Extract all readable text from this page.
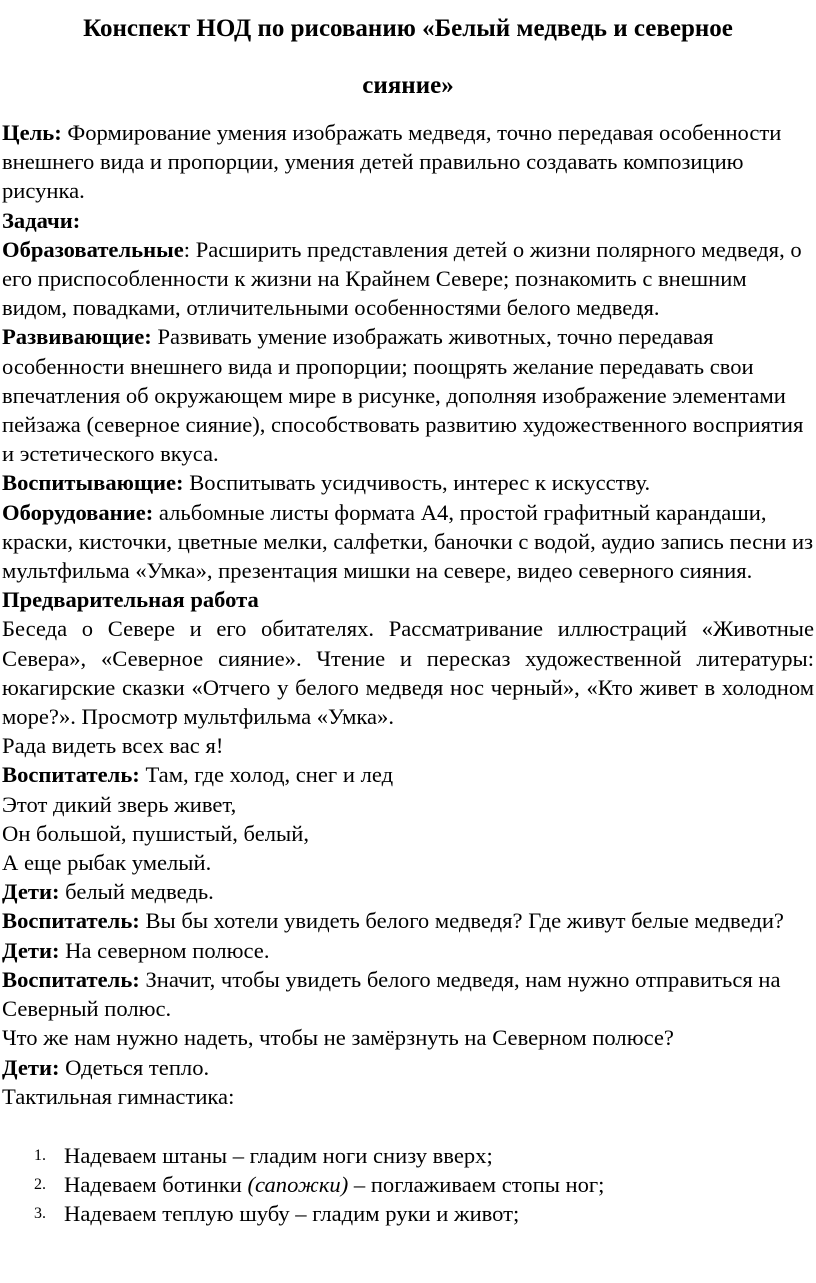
Конспект НОД по рисованию «Белый медведь и северное
сияние»

Цель: Формирование умения изображать медведя, точно передавая особенности внешнего вида и пропорции, умения детей правильно создавать композицию рисунка.

Задачи:

Образовательные: Расширить представления детей о жизни полярного медведя, о его приспособленности к жизни на Крайнем Севере; познакомить с внешним видом, повадками, отличительными особенностями белого медведя.

Развивающие: Развивать умение изображать животных, точно передавая особенности внешнего вида и пропорции; поощрять желание передавать свои впечатления об окружающем мире в рисунке, дополняя изображение элементами пейзажа (северное сияние), способствовать развитию художественного восприятия и эстетического вкуса.

Воспитывающие: Воспитывать усидчивость, интерес к искусству.

Оборудование: альбомные листы формата А4, простой графитный карандаши, краски, кисточки, цветные мелки, салфетки, баночки с водой, аудио запись песни из мультфильма «Умка», презентация мишки на севере, видео северного сияния.

Предварительная работа

Беседа о Севере и его обитателях. Рассматривание иллюстраций «Животные Севера», «Северное сияние». Чтение и пересказ художественной литературы: юкагирские сказки «Отчего у белого медведя нос черный», «Кто живет в холодном море?». Просмотр мультфильма «Умка».

Рада видеть всех вас я!

Воспитатель: Там, где холод, снег и лед

Этот дикий зверь живет,

Он большой, пушистый, белый,

А еще рыбак умелый.

Дети: белый медведь.

Воспитатель: Вы бы хотели увидеть белого медведя? Где живут белые медведи?

Дети: На северном полюсе.

Воспитатель: Значит, чтобы увидеть белого медведя, нам нужно отправиться на Северный полюс.

Что же нам нужно надеть, чтобы не замёрзнуть на Северном полюсе?

Дети: Одеться тепло.

Тактильная гимнастика:

1. Надеваем штаны – гладим ноги снизу вверх;
2. Надеваем ботинки (сапожки) – поглаживаем стопы ног;
3. Надеваем теплую шубу – гладим руки и живот;
